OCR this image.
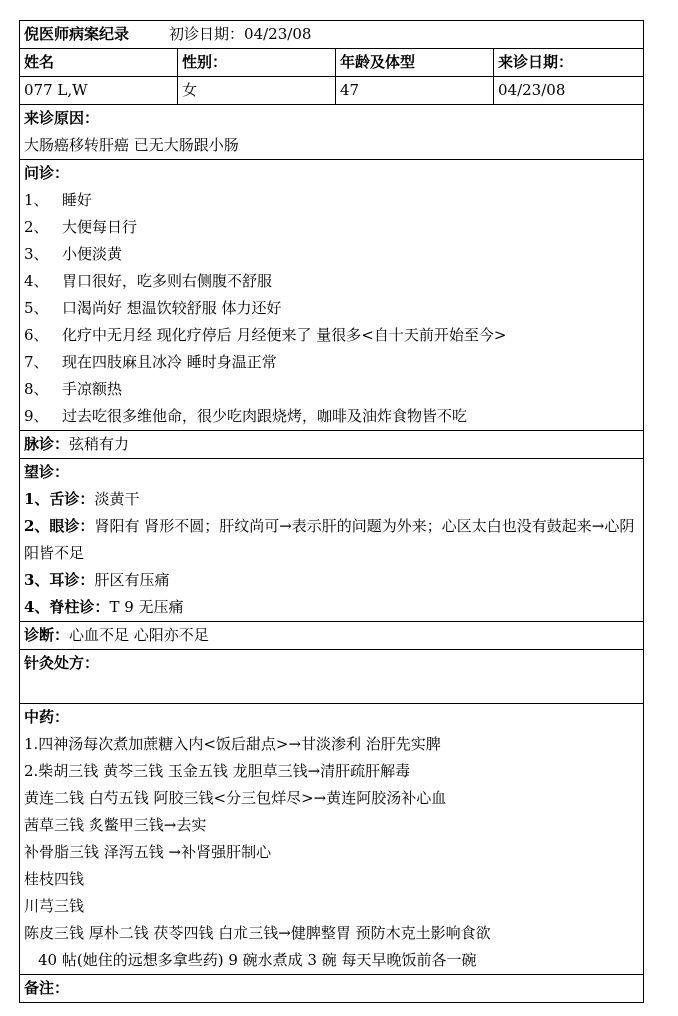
倪医师病案纪录	初诊日期：04/23/08
姓名	性别：	年龄及体型	来诊日期：
077 L,W	女	47	04/23/08
来诊原因：
大肠癌移转肝癌 已无大肠跟小肠
问诊：
1、 睡好
2、 大便每日行
3、 小便淡黄
4、 胃口很好，吃多则右侧腹不舒服
5、 口渴尚好 想温饮较舒服 体力还好
6、 化疗中无月经 现化疗停后 月经便来了 量很多<自十天前开始至今>
7、 现在四肢麻且冰冷 睡时身温正常
8、 手凉额热
9、 过去吃很多维他命，很少吃肉跟烧烤，咖啡及油炸食物皆不吃
脉诊：弦稍有力
望诊：
1、舌诊：淡黄干
2、眼诊：肾阳有 肾形不圆；肝纹尚可→表示肝的问题为外来；心区太白也没有鼓起来→心阴阳皆不足
3、耳诊：肝区有压痛
4、脊柱诊：T 9 无压痛
诊断：心血不足 心阳亦不足
针灸处方：
中药：
1.四神汤每次煮加蔗糖入内<饭后甜点>→甘淡渗利 治肝先实脾
2.柴胡三钱 黄芩三钱 玉金五钱 龙胆草三钱→清肝疏肝解毒
黄连二钱 白芍五钱 阿胶三钱<分三包烊尽>→黄连阿胶汤补心血
茜草三钱 炙鳖甲三钱→去实
补骨脂三钱 泽泻五钱 →补肾强肝制心
桂枝四钱
川芎三钱
陈皮三钱 厚朴二钱 茯苓四钱 白朮三钱→健脾整胃 预防木克土影响食欲
40 帖(她住的远想多拿些药) 9 碗水煮成 3 碗 每天早晚饭前各一碗
备注：
